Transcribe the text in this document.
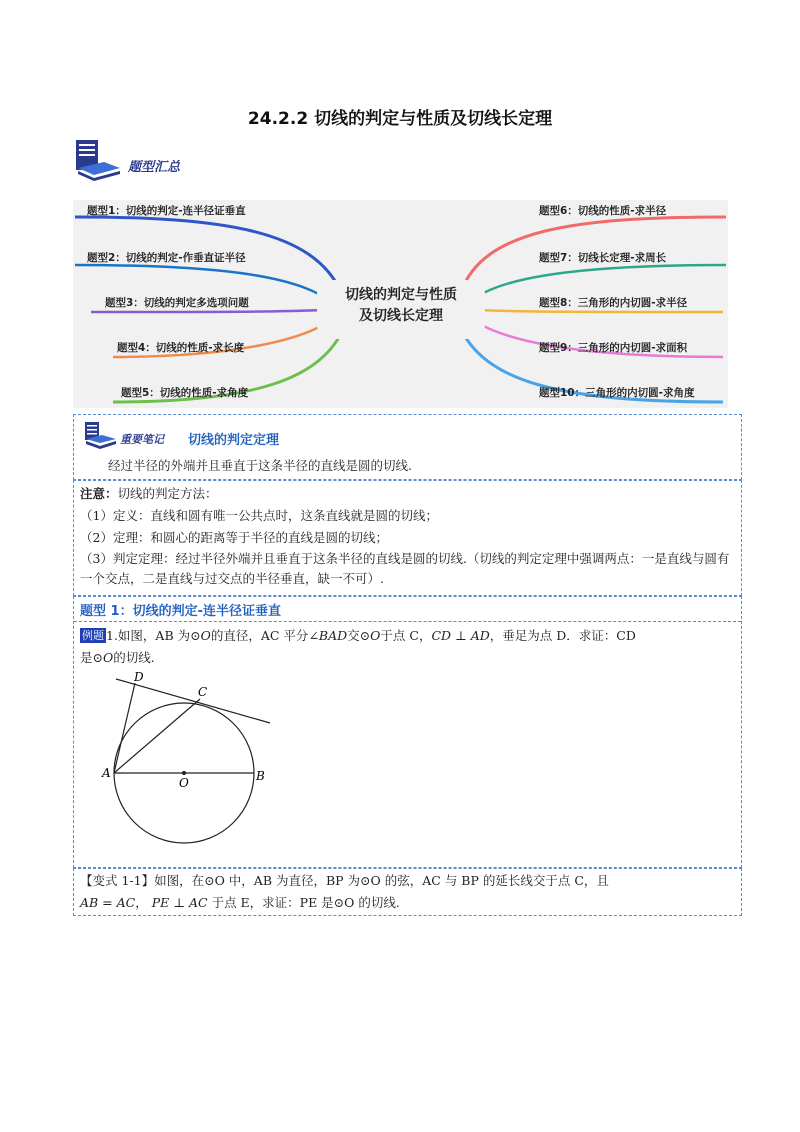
24.2.2 切线的判定与性质及切线长定理
题型汇总
切线的判定与性质
及切线长定理
题型1：切线的判定-连半径证垂直
题型2：切线的判定-作垂直证半径
题型3：切线的判定多选项问题
题型4：切线的性质-求长度
题型5：切线的性质-求角度
题型6：切线的性质-求半径
题型7：切线长定理-求周长
题型8：三角形的内切圆-求半径
题型9：三角形的内切圆-求面积
题型10：三角形的内切圆-求角度
重要笔记 切线的判定定理
经过半径的外端并且垂直于这条半径的直线是圆的切线.
注意：切线的判定方法：
（1）定义：直线和圆有唯一公共点时，这条直线就是圆的切线；
（2）定理：和圆心的距离等于半径的直线是圆的切线；
（3）判定定理：经过半径外端并且垂直于这条半径的直线是圆的切线.（切线的判定定理中强调两点：一是直线与圆有一个交点，二是直线与过交点的半径垂直，缺一不可）.
题型 1：切线的判定-连半径证垂直
例题 1.如图，AB 为⊙O的直径，AC 平分∠BAD交⊙O于点 C，CD ⊥ AD，垂足为点 D．求证：CD
是⊙O的切线.
A	B
C
D
O
【变式 1-1】如图，在⊙O 中，AB 为直径，BP 为⊙O 的弦，AC 与 BP 的延长线交于点 C，且
AB = AC， PE ⊥ AC 于点 E，求证：PE 是⊙O 的切线.
